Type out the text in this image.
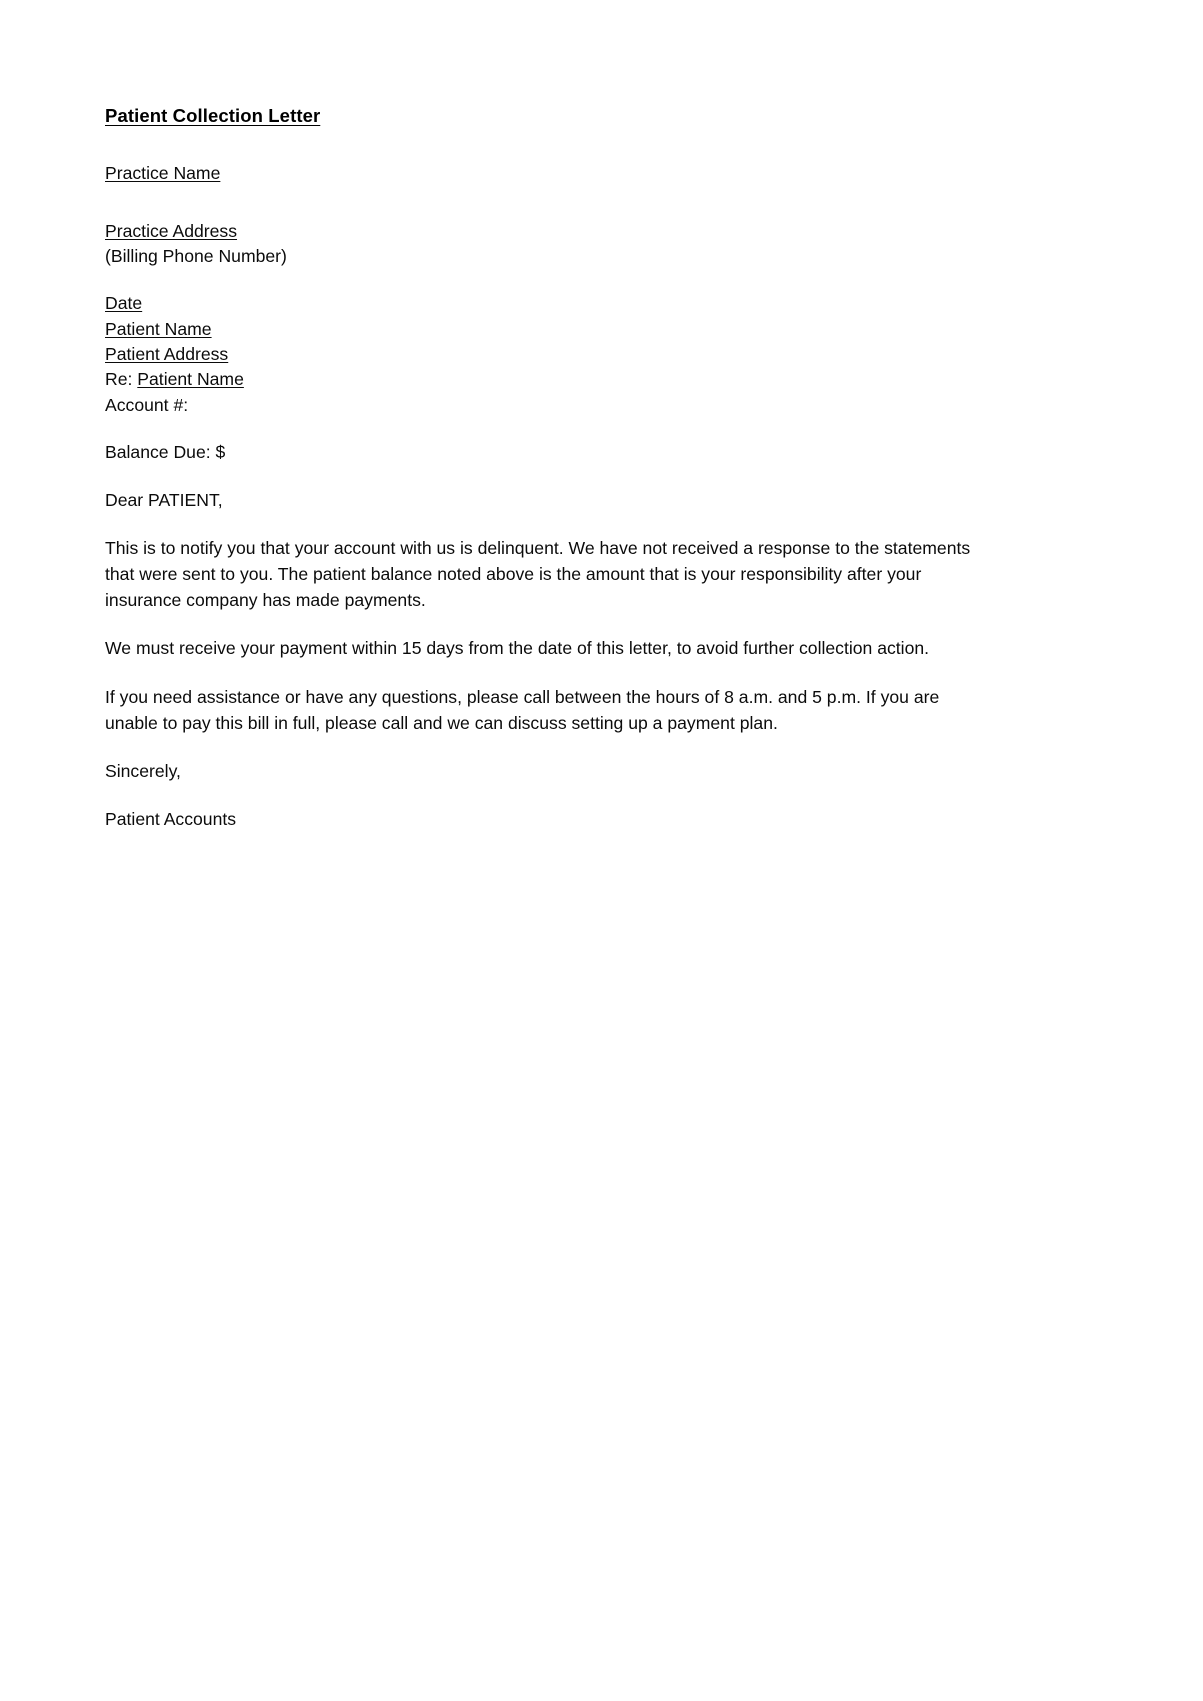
Patient Collection Letter
Practice Name
Practice Address
(Billing Phone Number)
Date
Patient Name
Patient Address
Re: Patient Name
Account #:
Balance Due: $
Dear PATIENT,
This is to notify you that your account with us is delinquent. We have not received a response to the statements that were sent to you. The patient balance noted above is the amount that is your responsibility after your insurance company has made payments.
We must receive your payment within 15 days from the date of this letter, to avoid further collection action.
If you need assistance or have any questions, please call between the hours of 8 a.m. and 5 p.m. If you are unable to pay this bill in full, please call and we can discuss setting up a payment plan.
Sincerely,
Patient Accounts
